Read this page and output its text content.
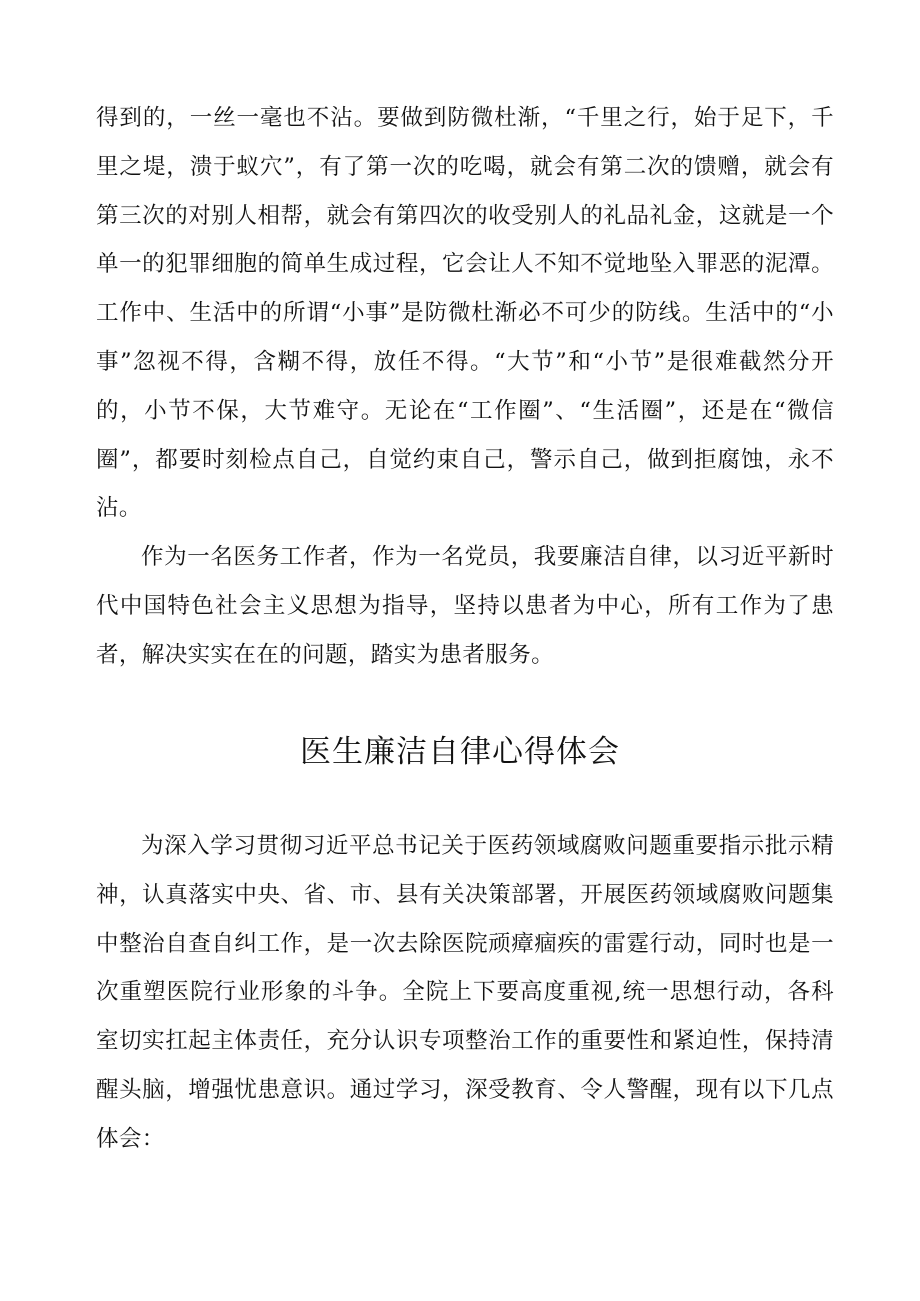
得到的，一丝一毫也不沾。要做到防微杜渐，“千里之行，始于足下，千里之堤，溃于蚁穴”，有了第一次的吃喝，就会有第二次的馈赠，就会有第三次的对别人相帮，就会有第四次的收受别人的礼品礼金，这就是一个单一的犯罪细胞的简单生成过程，它会让人不知不觉地坠入罪恶的泥潭。工作中、生活中的所谓“小事”是防微杜渐必不可少的防线。生活中的“小事”忽视不得，含糊不得，放任不得。“大节”和“小节”是很难截然分开的，小节不保，大节难守。无论在“工作圈”、“生活圈”，还是在“微信圈”，都要时刻检点自己，自觉约束自己，警示自己，做到拒腐蚀，永不沾。

作为一名医务工作者，作为一名党员，我要廉洁自律，以习近平新时代中国特色社会主义思想为指导，坚持以患者为中心，所有工作为了患者，解决实实在在的问题，踏实为患者服务。

医生廉洁自律心得体会

为深入学习贯彻习近平总书记关于医药领域腐败问题重要指示批示精神，认真落实中央、省、市、县有关决策部署，开展医药领域腐败问题集中整治自查自纠工作，是一次去除医院顽瘴痼疾的雷霆行动，同时也是一次重塑医院行业形象的斗争。全院上下要高度重视,统一思想行动，各科室切实扛起主体责任，充分认识专项整治工作的重要性和紧迫性，保持清醒头脑，增强忧患意识。通过学习，深受教育、令人警醒，现有以下几点体会：
